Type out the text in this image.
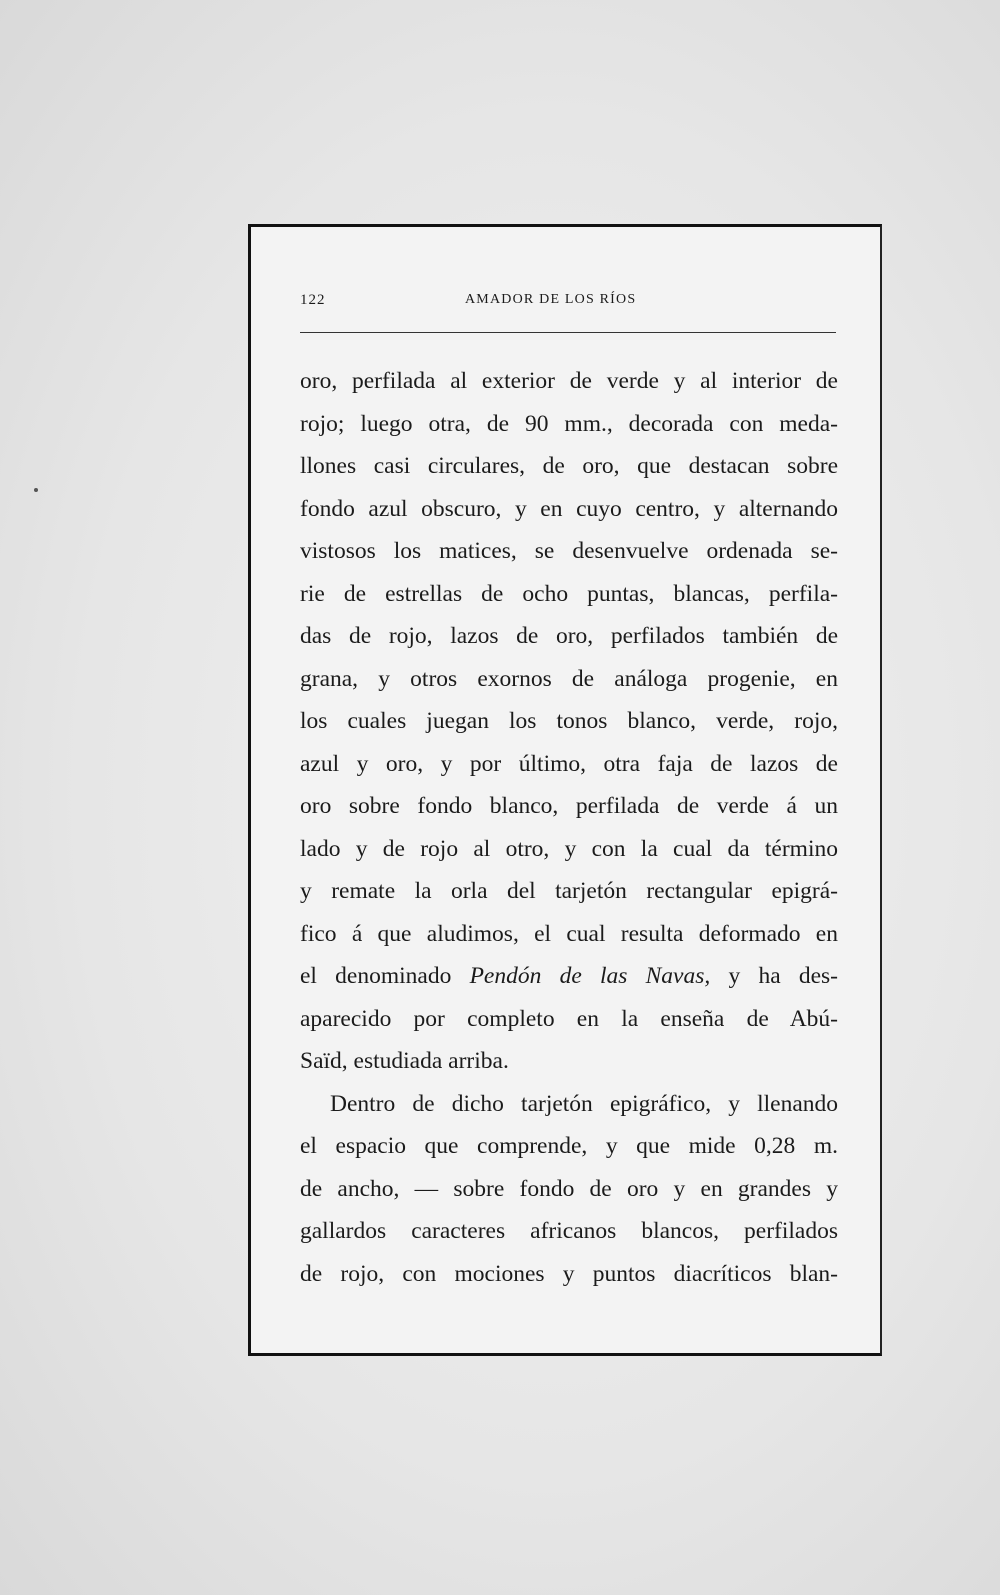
122	AMADOR DE LOS RÍOS
oro, perfilada al exterior de verde y al interior de
rojo; luego otra, de 90 mm., decorada con meda-
llones casi circulares, de oro, que destacan sobre
fondo azul obscuro, y en cuyo centro, y alternando
vistosos los matices, se desenvuelve ordenada se-
rie de estrellas de ocho puntas, blancas, perfila-
das de rojo, lazos de oro, perfilados también de
grana, y otros exornos de análoga progenie, en
los cuales juegan los tonos blanco, verde, rojo,
azul y oro, y por último, otra faja de lazos de
oro sobre fondo blanco, perfilada de verde á un
lado y de rojo al otro, y con la cual da término
y remate la orla del tarjetón rectangular epigrá-
fico á que aludimos, el cual resulta deformado en
el denominado Pendón de las Navas, y ha des-
aparecido por completo en la enseña de Abú-
Saïd, estudiada arriba.
Dentro de dicho tarjetón epigráfico, y llenando
el espacio que comprende, y que mide 0,28 m.
de ancho, — sobre fondo de oro y en grandes y
gallardos caracteres africanos blancos, perfilados
de rojo, con mociones y puntos diacríticos blan-
